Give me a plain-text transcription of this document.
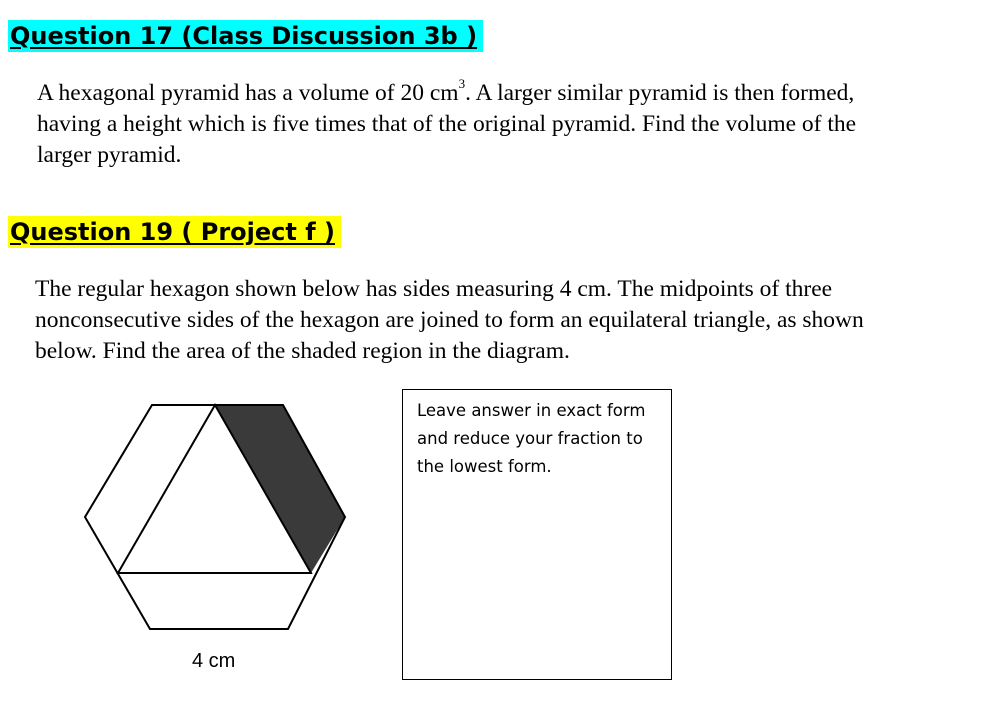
Question 17 (Class Discussion 3b )

A hexagonal pyramid has a volume of 20 $cm^3$. A larger similar pyramid is then formed,
having a height which is five times that of the original pyramid. Find the volume of the
larger pyramid.

Question 19 ( Project f )

The regular hexagon shown below has sides measuring 4 cm. The midpoints of three
nonconsecutive sides of the hexagon are joined to form an equilateral triangle, as shown
below. Find the area of the shaded region in the diagram.

4 cm
Leave answer in exact form
and reduce your fraction to
the lowest form.
